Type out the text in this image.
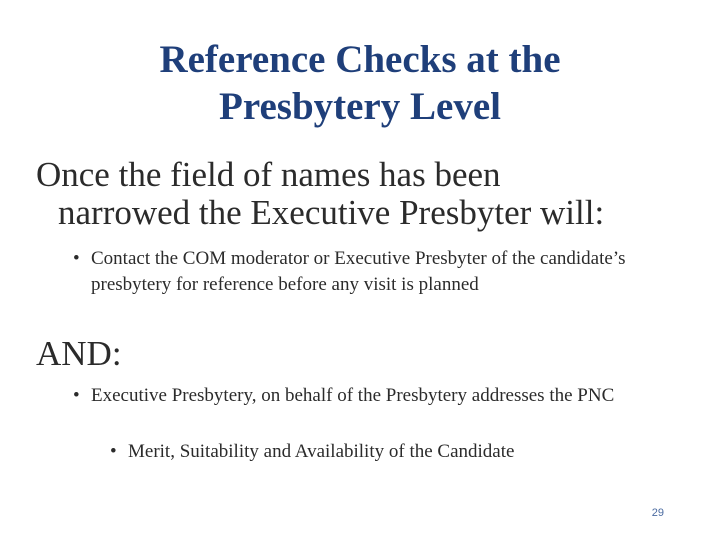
Reference Checks at the
Presbytery Level
Once the field of names has been
narrowed the Executive Presbyter will:
• Contact the COM moderator or Executive Presbyter of the candidate’s presbytery for reference before any visit is planned
AND:
• Executive Presbytery, on behalf of the Presbytery addresses the PNC
• Merit, Suitability and Availability of the Candidate
29
